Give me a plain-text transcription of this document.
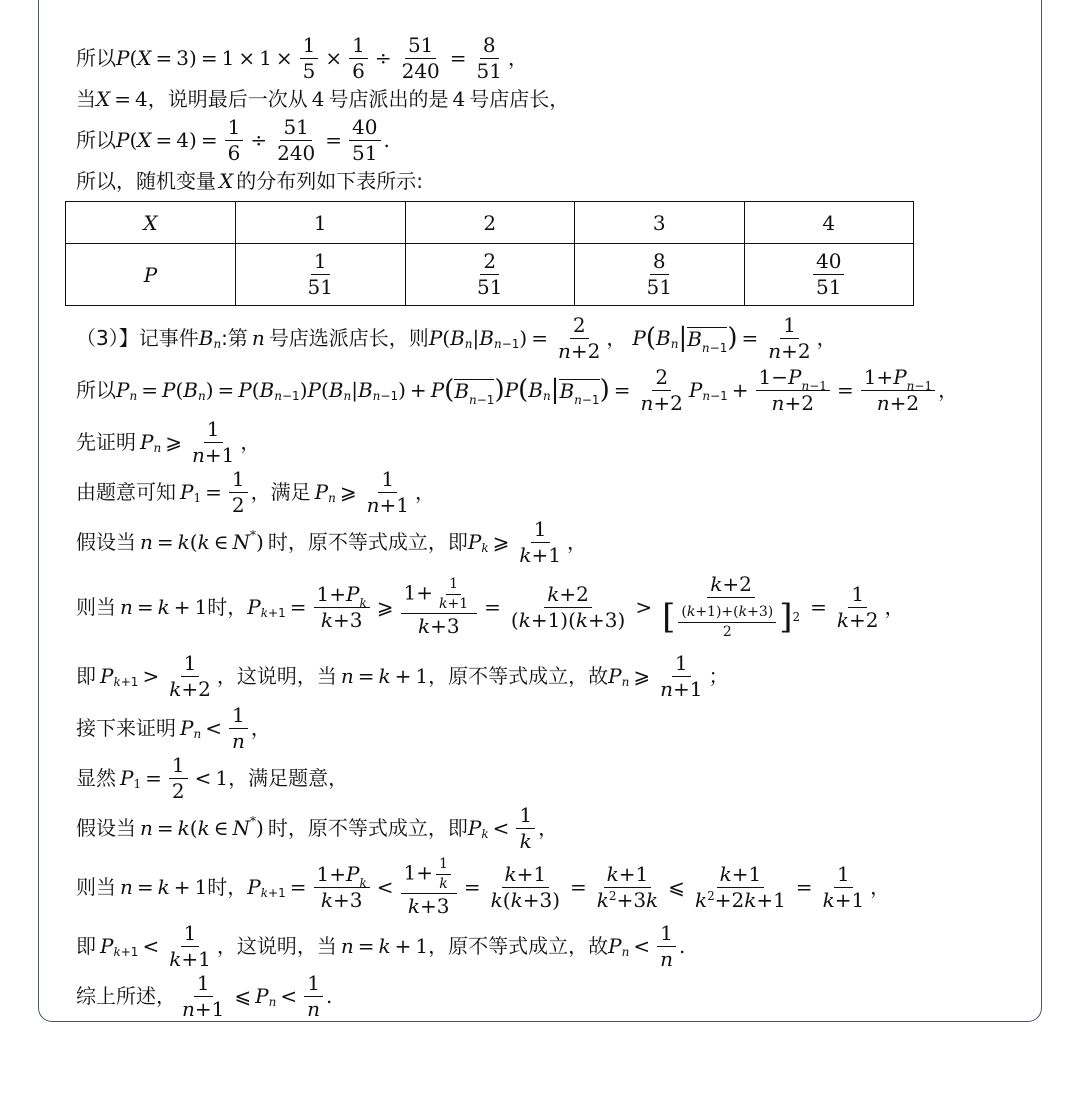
所以 P ( $X = 3) = 1 \times 1 \times \frac{1}{5} \times \frac{1}{6} \div \frac{51}{240} = \frac{8}{51}$ ，
当 X = 4 ，说明最后一次从 4 号店派出的是 4 号店店长，
所以 P ( $X = 4) = \frac{1}{6} \div \frac{51}{240} = \frac{40}{51}$ .
所以， 随机变量 X 的分布列如下表所示:
X	1	2	3	4
P	$\frac{1}{51}$	$\frac{2}{51}$	$\frac{8}{51}$	$\frac{40}{51}$
（3）】记事件 B n :第 n 号店选派店长，则 P ( B n | B n−1 ) = $\frac{2}{n+2}$ ， P ( B n | $B_{n-1}$ ) = $\frac{1}{n+2}$ ，
所以 P n = P ( B n ) = P ( B n−1 ) P ( B n | B n−1 ) + P ( $B_{n-1}$ ) P ( B n | $B_{n-1}$ ) = $\frac{2}{n+2}$ P $n-1 + \frac{1-P_{n-1}}{n+2} = \frac{1+P_{n-1}}{n+2}$ ，
先证明 P n ⩾ $\frac{1}{n+1}$ ，
由题意可知 P $1 = \frac{1}{2}$ ，满足 P n ⩾ $\frac{1}{n+1}$ ，
假设当 n = k ( k ∈ N * ) 时 ，原不等式成立，即 P k ⩾ $\frac{1}{k+1}$ ，
则当 n = k + 1 时， P $k+1 = \frac{1+P_k}{k+3}$ ⩾ $\frac{1+ \frac{1}{k+1}}{k+3} = \frac{k+2}{(k+1)(k+3)} > \frac{k+2}{[ \frac{(k+1)+(k+3)}{2} ]^2} = \frac{1}{k+2}$ ，
即 P $k+1 > \frac{1}{k+2}$ ，这说明，当 n = k + 1 ，原不等式成立，故 P n ⩾ $\frac{1}{n+1}$ ；
接下来证明 P $n < \frac{1}{n}$ ，
显然 P $1 = \frac{1}{2} < 1$ ，满足题意，
假设当 n = k ( k ∈ N * ) 时 ，原不等式成立，即 P $k < \frac{1}{k}$ ，
则当 n = k + 1 时， P $k+1 = \frac{1+P_k}{k+3} < \frac{1+ \frac{1}{k}}{k+3} = \frac{k+1}{k(k+3)} = \frac{k+1}{k^2+3k}$ ⩽ $\frac{k+1}{k^2+2k+1} = \frac{1}{k+1}$ ，
即 P $k+1 < \frac{1}{k+1}$ ，这说明，当 n = k + 1 ，原不等式成立，故 P $n < \frac{1}{n}$ .
综上所述， $\frac{1}{n+1}$ ⩽ P $n < \frac{1}{n}$ .
